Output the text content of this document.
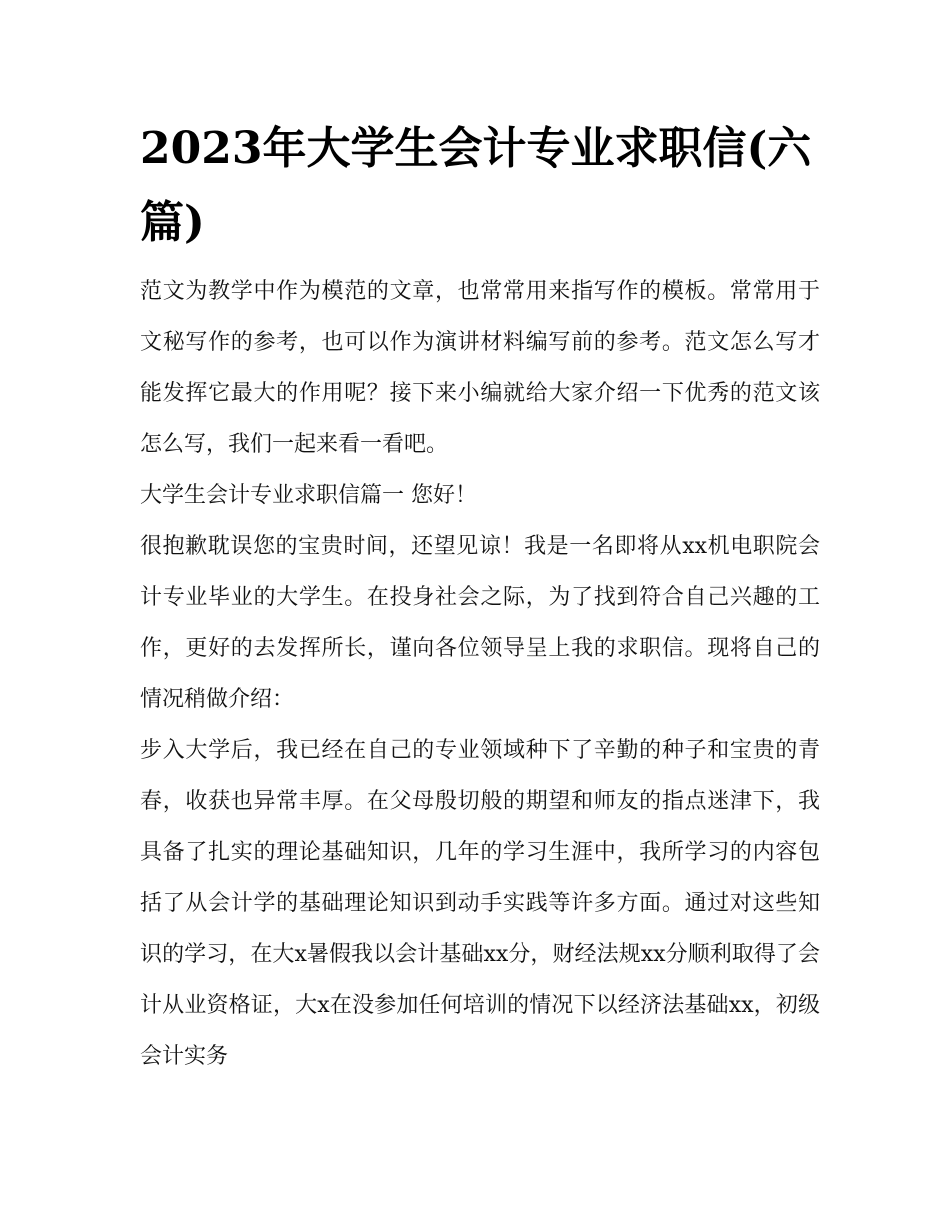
2023年大学生会计专业求职信(六篇)

范文为教学中作为模范的文章，也常常用来指写作的模板。常常用于文秘写作的参考，也可以作为演讲材料编写前的参考。范文怎么写才能发挥它最大的作用呢？接下来小编就给大家介绍一下优秀的范文该怎么写，我们一起来看一看吧。

大学生会计专业求职信篇一 您好！

很抱歉耽误您的宝贵时间，还望见谅！我是一名即将从xx机电职院会计专业毕业的大学生。在投身社会之际，为了找到符合自己兴趣的工作，更好的去发挥所长，谨向各位领导呈上我的求职信。现将自己的情况稍做介绍：

步入大学后，我已经在自己的专业领域种下了辛勤的种子和宝贵的青春，收获也异常丰厚。在父母殷切般的期望和师友的指点迷津下，我具备了扎实的理论基础知识，几年的学习生涯中，我所学习的内容包括了从会计学的基础理论知识到动手实践等许多方面。通过对这些知识的学习，在大x暑假我以会计基础xx分，财经法规xx分顺利取得了会计从业资格证，大x在没参加任何培训的情况下以经济法基础xx，初级会计实务
